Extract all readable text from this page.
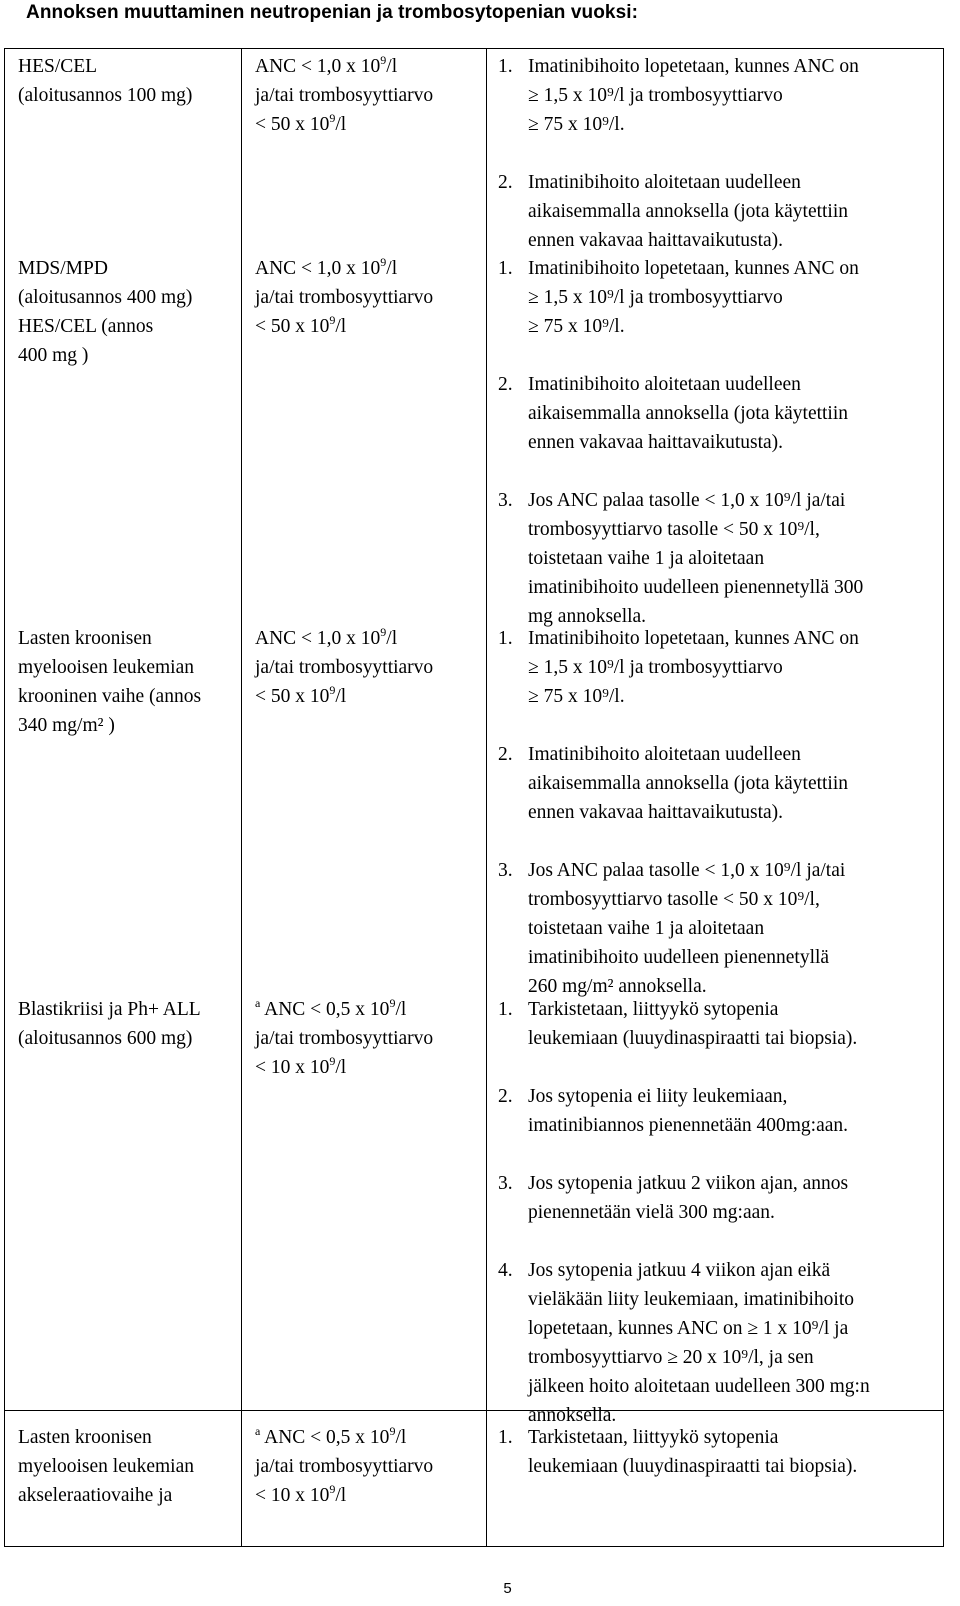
Annoksen muuttaminen neutropenian ja trombosytopenian vuoksi:
HES/CEL
(aloitusannos 100 mg)
ANC < 1,0 x $10^9/l$
ja/tai trombosyyttiarvo
< 50 x $10^9/l$
1. Imatinibihoito lopetetaan, kunnes ANC on
≥ 1,5 x 10⁹/l ja trombosyyttiarvo
≥ 75 x 10⁹/l.
2. Imatinibihoito aloitetaan uudelleen
aikaisemmalla annoksella (jota käytettiin
ennen vakavaa haittavaikutusta).
MDS/MPD
(aloitusannos 400 mg)
HES/CEL (annos
400 mg )
ANC < 1,0 x $10^9/l$
ja/tai trombosyyttiarvo
< 50 x $10^9/l$
1. Imatinibihoito lopetetaan, kunnes ANC on
≥ 1,5 x 10⁹/l ja trombosyyttiarvo
≥ 75 x 10⁹/l.
2. Imatinibihoito aloitetaan uudelleen
aikaisemmalla annoksella (jota käytettiin
ennen vakavaa haittavaikutusta).
3. Jos ANC palaa tasolle < 1,0 x 10⁹/l ja/tai
trombosyyttiarvo tasolle < 50 x 10⁹/l,
toistetaan vaihe 1 ja aloitetaan
imatinibihoito uudelleen pienennetyllä 300
mg annoksella.
Lasten kroonisen
myelooisen leukemian
krooninen vaihe (annos
340 mg/m² )
ANC < 1,0 x $10^9/l$
ja/tai trombosyyttiarvo
< 50 x $10^9/l$
1. Imatinibihoito lopetetaan, kunnes ANC on
≥ 1,5 x 10⁹/l ja trombosyyttiarvo
≥ 75 x 10⁹/l.
2. Imatinibihoito aloitetaan uudelleen
aikaisemmalla annoksella (jota käytettiin
ennen vakavaa haittavaikutusta).
3. Jos ANC palaa tasolle < 1,0 x 10⁹/l ja/tai
trombosyyttiarvo tasolle < 50 x 10⁹/l,
toistetaan vaihe 1 ja aloitetaan
imatinibihoito uudelleen pienennetyllä
260 mg/m² annoksella.
Blastikriisi ja Ph+ ALL
(aloitusannos 600 mg)
$^a$ ANC < 0,5 x $10^9/l$
ja/tai trombosyyttiarvo
< 10 x $10^9/l$
1. Tarkistetaan, liittyykö sytopenia
leukemiaan (luuydinaspiraatti tai biopsia).
2. Jos sytopenia ei liity leukemiaan,
imatinibiannos pienennetään 400mg:aan.
3. Jos sytopenia jatkuu 2 viikon ajan, annos
pienennetään vielä 300 mg:aan.
4. Jos sytopenia jatkuu 4 viikon ajan eikä
vieläkään liity leukemiaan, imatinibihoito
lopetetaan, kunnes ANC on ≥ 1 x 10⁹/l ja
trombosyyttiarvo ≥ 20 x 10⁹/l, ja sen
jälkeen hoito aloitetaan uudelleen 300 mg:n
annoksella.
Lasten kroonisen
myelooisen leukemian
akseleraatiovaihe ja
$^a$ ANC < 0,5 x $10^9/l$
ja/tai trombosyyttiarvo
< 10 x $10^9/l$
1. Tarkistetaan, liittyykö sytopenia
leukemiaan (luuydinaspiraatti tai biopsia).
5
